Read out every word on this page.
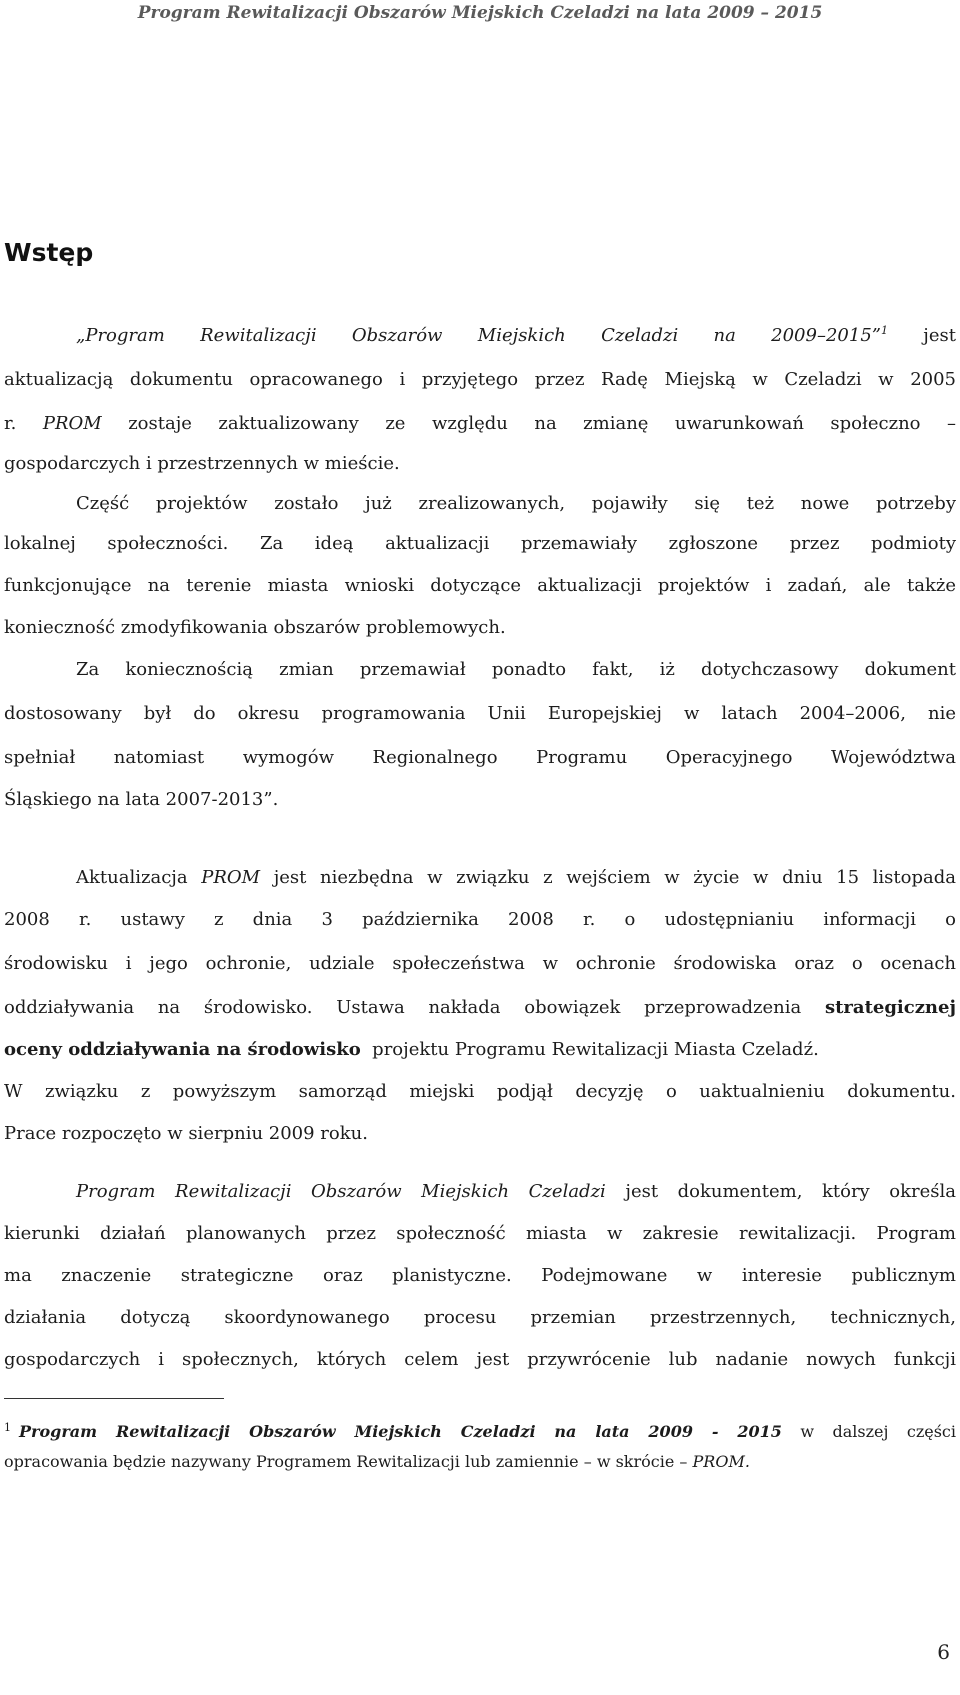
Program Rewitalizacji Obszarów Miejskich Czeladzi na lata 2009 – 2015
Wstęp
„Program Rewitalizacji Obszarów Miejskich Czeladzi na 2009–2015”$^1$ jest
aktualizacją dokumentu opracowanego i przyjętego przez Radę Miejską w Czeladzi w 2005
r. PROM zostaje zaktualizowany ze względu na zmianę uwarunkowań społeczno –
gospodarczych i przestrzennych w mieście.
Część projektów zostało już zrealizowanych, pojawiły się też nowe potrzeby
lokalnej społeczności. Za ideą aktualizacji przemawiały zgłoszone przez podmioty
funkcjonujące na terenie miasta wnioski dotyczące aktualizacji projektów i zadań, ale także
konieczność zmodyfikowania obszarów problemowych.
Za koniecznością zmian przemawiał ponadto fakt, iż dotychczasowy dokument
dostosowany był do okresu programowania Unii Europejskiej w latach 2004–2006, nie
spełniał natomiast wymogów Regionalnego Programu Operacyjnego Województwa
Śląskiego na lata 2007-2013”.
Aktualizacja PROM jest niezbędna w związku z wejściem w życie w dniu 15 listopada
2008 r. ustawy z dnia 3 października 2008 r. o udostępnianiu informacji o
środowisku i jego ochronie, udziale społeczeństwa w ochronie środowiska oraz o ocenach
oddziaływania na środowisko. Ustawa nakłada obowiązek przeprowadzenia strategicznej
oceny oddziaływania na środowisko projektu Programu Rewitalizacji Miasta Czeladź.
W związku z powyższym samorząd miejski podjął decyzję o uaktualnieniu dokumentu.
Prace rozpoczęto w sierpniu 2009 roku.
Program Rewitalizacji Obszarów Miejskich Czeladzi jest dokumentem, który określa
kierunki działań planowanych przez społeczność miasta w zakresie rewitalizacji. Program
ma znaczenie strategiczne oraz planistyczne. Podejmowane w interesie publicznym
działania dotyczą skoordynowanego procesu przemian przestrzennych, technicznych,
gospodarczych i społecznych, których celem jest przywrócenie lub nadanie nowych funkcji
$^1$ Program Rewitalizacji Obszarów Miejskich Czeladzi na lata 2009 - 2015 w dalszej części
opracowania będzie nazywany Programem Rewitalizacji lub zamiennie – w skrócie – PROM.
6
